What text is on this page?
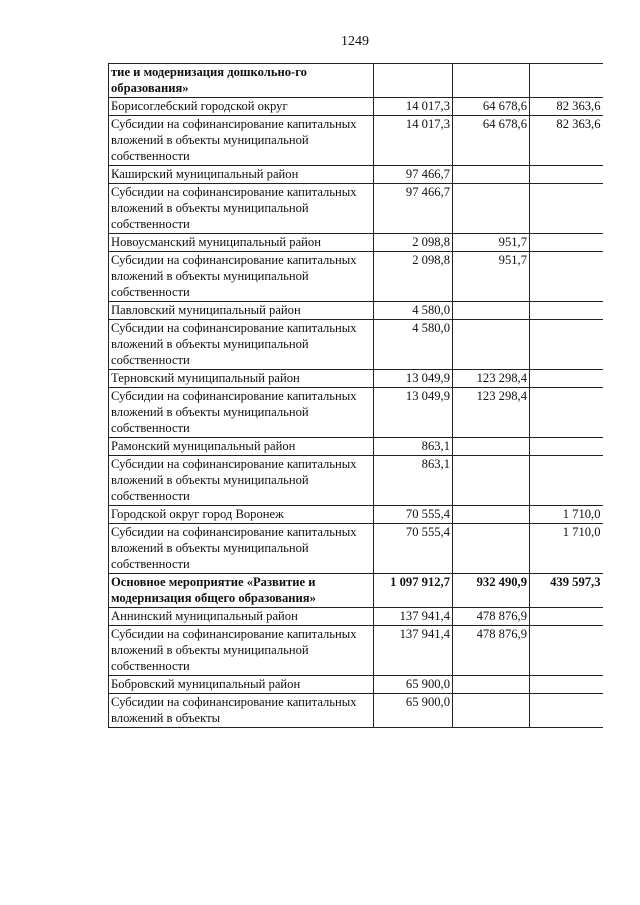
1249
тие и модернизация дошкольно-го образования»			
Борисоглебский городской округ	14 017,3	64 678,6	82 363,6
Субсидии на софинансирование капитальных вложений в объекты муниципальной собственности	14 017,3	64 678,6	82 363,6
Каширский муниципальный район	97 466,7		
Субсидии на софинансирование капитальных вложений в объекты муниципальной собственности	97 466,7		
Новоусманский муниципальный район	2 098,8	951,7	
Субсидии на софинансирование капитальных вложений в объекты муниципальной собственности	2 098,8	951,7	
Павловский муниципальный район	4 580,0		
Субсидии на софинансирование капитальных вложений в объекты муниципальной собственности	4 580,0		
Терновский муниципальный район	13 049,9	123 298,4	
Субсидии на софинансирование капитальных вложений в объекты муниципальной собственности	13 049,9	123 298,4	
Рамонский муниципальный район	863,1		
Субсидии на софинансирование капитальных вложений в объекты муниципальной собственности	863,1		
Городской округ город Воронеж	70 555,4		1 710,0
Субсидии на софинансирование капитальных вложений в объекты муниципальной собственности	70 555,4		1 710,0
Основное мероприятие «Развитие и модернизация общего образования»	1 097 912,7	932 490,9	439 597,3
Аннинский муниципальный район	137 941,4	478 876,9	
Субсидии на софинансирование капитальных вложений в объекты муниципальной собственности	137 941,4	478 876,9	
Бобровский муниципальный район	65 900,0		
Субсидии на софинансирование капитальных вложений в объекты	65 900,0		
